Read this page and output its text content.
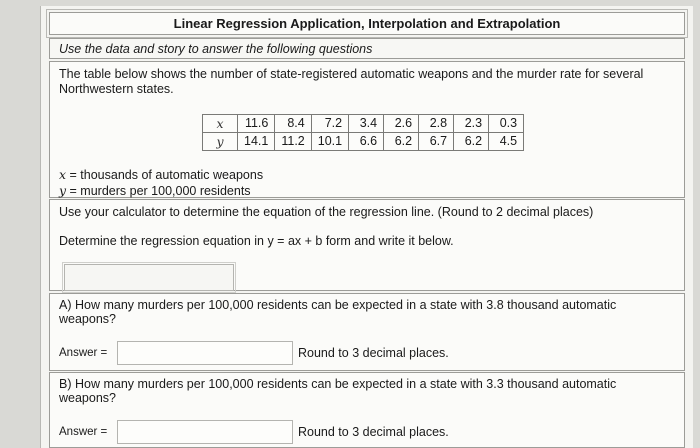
Linear Regression Application, Interpolation and Extrapolation
Use the data and story to answer the following questions

The table below shows the number of state-registered automatic weapons and the murder rate for several Northwestern states.

x	11.6	8.4	7.2	3.4	2.6	2.8	2.3	0.3
y	14.1	11.2	10.1	6.6	6.2	6.7	6.2	4.5
x = thousands of automatic weapons
y = murders per 100,000 residents

Use your calculator to determine the equation of the regression line. (Round to 2 decimal places)

Determine the regression equation in y = ax + b form and write it below.

A) How many murders per 100,000 residents can be expected in a state with 3.8 thousand automatic weapons?

Answer =	Round to 3 decimal places.

B) How many murders per 100,000 residents can be expected in a state with 3.3 thousand automatic weapons?

Answer =	Round to 3 decimal places.
